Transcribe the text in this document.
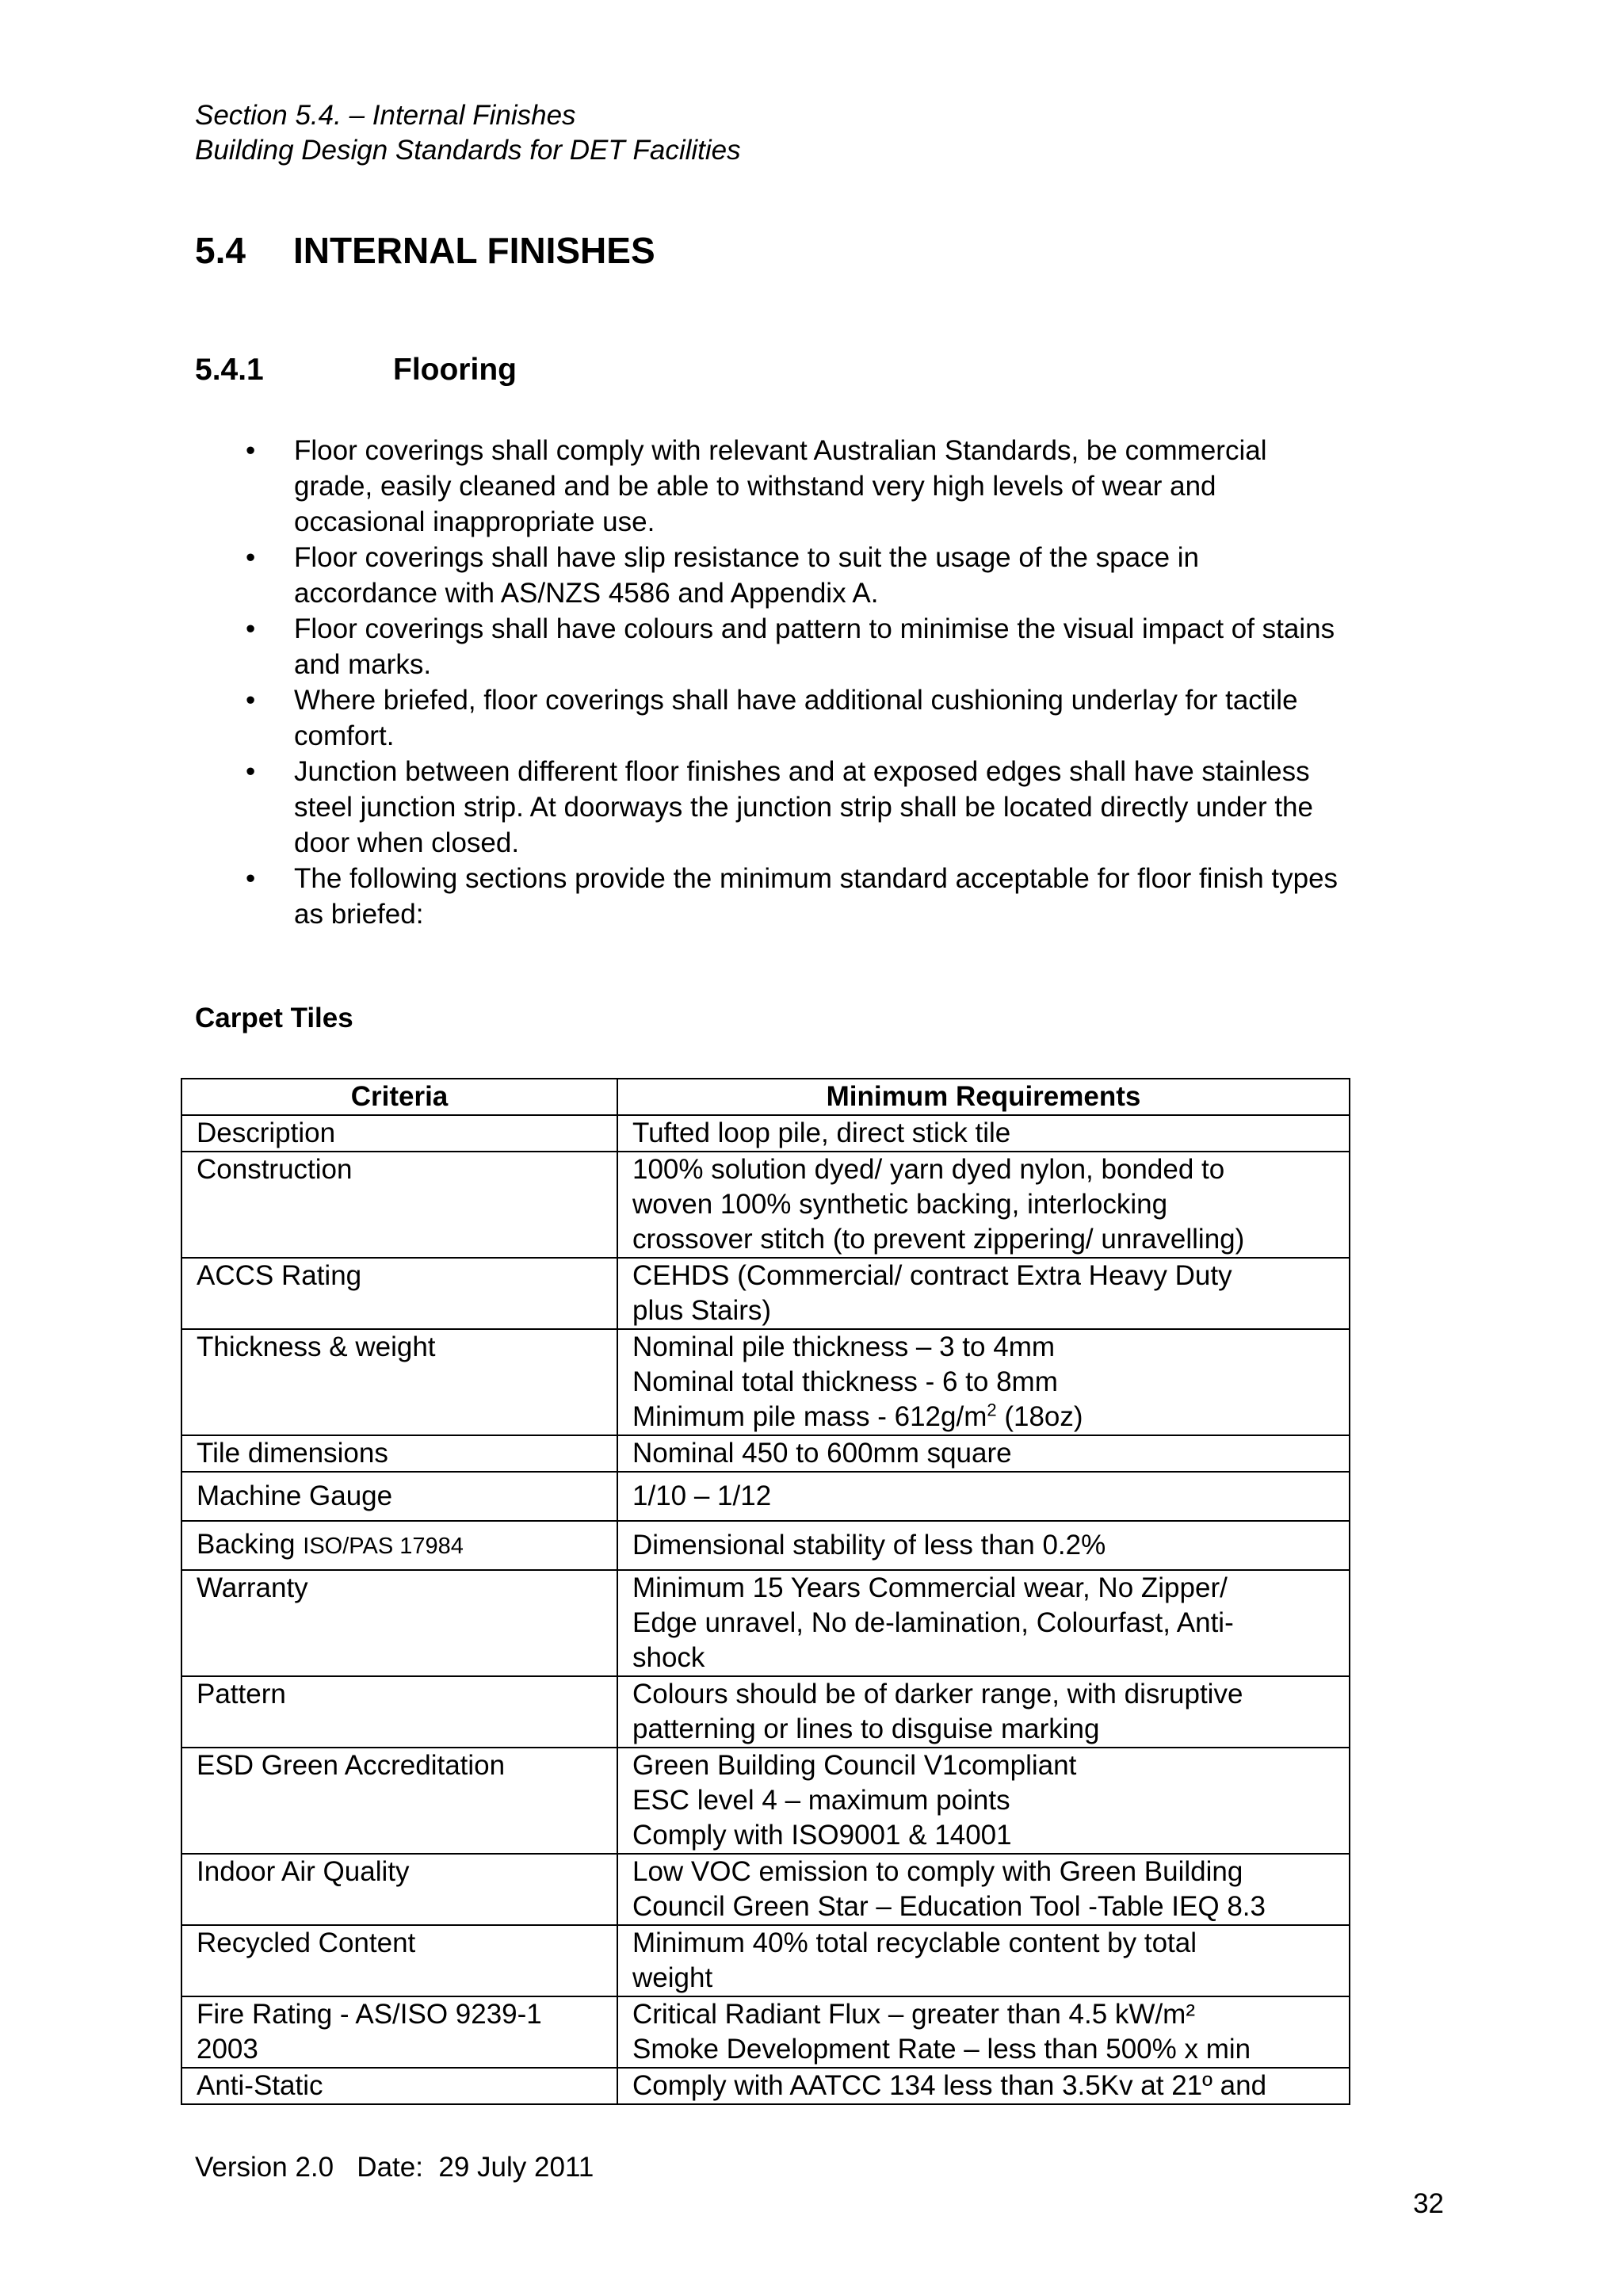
Section 5.4. – Internal Finishes
Building Design Standards for DET Facilities
5.4 INTERNAL FINISHES
5.4.1	Flooring
• Floor coverings shall comply with relevant Australian Standards, be commercial
grade, easily cleaned and be able to withstand very high levels of wear and
occasional inappropriate use.
• Floor coverings shall have slip resistance to suit the usage of the space in
accordance with AS/NZS 4586 and Appendix A.
• Floor coverings shall have colours and pattern to minimise the visual impact of stains
and marks.
• Where briefed, floor coverings shall have additional cushioning underlay for tactile
comfort.
• Junction between different floor finishes and at exposed edges shall have stainless
steel junction strip. At doorways the junction strip shall be located directly under the
door when closed.
• The following sections provide the minimum standard acceptable for floor finish types
as briefed:
Carpet Tiles
Criteria	Minimum Requirements

Description	Tufted loop pile, direct stick tile

Construction	100% solution dyed/ yarn dyed nylon, bonded to
woven 100% synthetic backing, interlocking
crossover stitch (to prevent zippering/ unravelling)

ACCS Rating	CEHDS (Commercial/ contract Extra Heavy Duty
plus Stairs)

Thickness & weight	Nominal pile thickness – 3 to 4mm
Nominal total thickness - 6 to 8mm
Minimum pile mass - $612g/m^2$ (18oz)

Tile dimensions	Nominal 450 to 600mm square

Machine Gauge	1/10 – 1/12

Backing ISO/PAS 17984	Dimensional stability of less than 0.2%

Warranty	Minimum 15 Years Commercial wear, No Zipper/
Edge unravel, No de-lamination, Colourfast, Anti-
shock

Pattern	Colours should be of darker range, with disruptive
patterning or lines to disguise marking

ESD Green Accreditation	Green Building Council V1compliant
ESC level 4 – maximum points
Comply with ISO9001 & 14001

Indoor Air Quality	Low VOC emission to comply with Green Building
Council Green Star – Education Tool -Table IEQ 8.3

Recycled Content	Minimum 40% total recyclable content by total
weight

Fire Rating - AS/ISO 9239-1
2003	Critical Radiant Flux – greater than 4.5 kW/m²
Smoke Development Rate – less than 500% x min

Anti-Static	Comply with AATCC 134 less than 3.5Kv at 21º and
Version 2.0   Date:  29 July 2011
32
